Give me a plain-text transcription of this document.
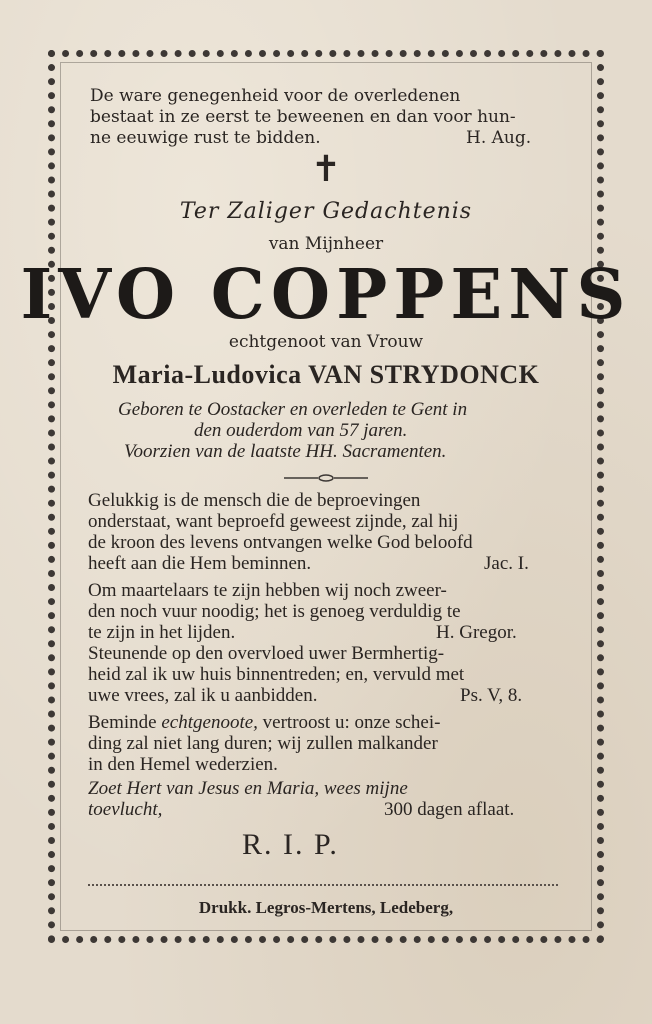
De ware genegenheid voor de overledenen
bestaat in ze eerst te beweenen en dan voor hun-
ne eeuwige rust te bidden.	H. Aug.
✝
Ter Zaliger Gedachtenis
van Mijnheer
IVO COPPENS
echtgenoot van Vrouw
Maria-Ludovica VAN STRYDONCK
Geboren te Oostacker en overleden te Gent in
den ouderdom van 57 jaren.
Voorzien van de laatste HH. Sacramenten.
Gelukkig is de mensch die de beproevingen
onderstaat, want beproefd geweest zijnde, zal hij
de kroon des levens ontvangen welke God beloofd
heeft aan die Hem beminnen.	Jac. I.
Om maartelaars te zijn hebben wij noch zweer-
den noch vuur noodig; het is genoeg verduldig te
te zijn in het lijden.	H. Gregor.
Steunende op den overvloed uwer Bermhertig-
heid zal ik uw huis binnentreden; en, vervuld met
uwe vrees, zal ik u aanbidden.	Ps. V, 8.
Beminde echtgenoote, vertroost u: onze schei-
ding zal niet lang duren; wij zullen malkander
in den Hemel wederzien.
Zoet Hert van Jesus en Maria, wees mijne
toevlucht,	300 dagen aflaat.
R. I. P.
Drukk. Legros-Mertens, Ledeberg,
